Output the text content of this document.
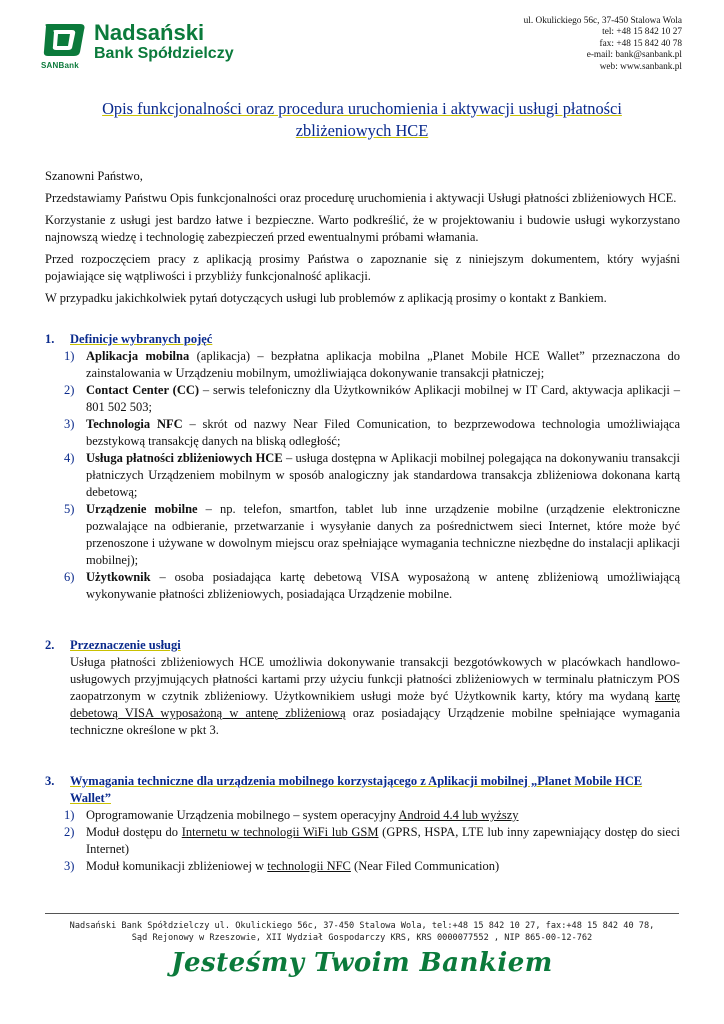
SANBank
Nadsański
Bank Spółdzielczy
ul. Okulickiego 56c, 37-450 Stalowa Wola
tel: +48 15 842 10 27
fax: +48 15 842 40 78
e-mail: bank@sanbank.pl
web: www.sanbank.pl
Opis funkcjonalności oraz procedura uruchomienia i aktywacji usługi płatności zbliżeniowych HCE

Szanowni Państwo,

Przedstawiamy Państwu Opis funkcjonalności oraz procedurę uruchomienia i aktywacji Usługi płatności zbliżeniowych HCE.

Korzystanie z usługi jest bardzo łatwe i bezpieczne. Warto podkreślić, że w projektowaniu i budowie usługi wykorzystano najnowszą wiedzę i technologię zabezpieczeń przed ewentualnymi próbami włamania.

Przed rozpoczęciem pracy z aplikacją prosimy Państwa o zapoznanie się z niniejszym dokumentem, który wyjaśni pojawiające się wątpliwości i przybliży funkcjonalność aplikacji.

W przypadku jakichkolwiek pytań dotyczących usługi lub problemów z aplikacją prosimy o kontakt z Bankiem.

1. Definicje wybranych pojęć
1) Aplikacja mobilna (aplikacja) – bezpłatna aplikacja mobilna „Planet Mobile HCE Wallet” przeznaczona do zainstalowania w Urządzeniu mobilnym, umożliwiająca dokonywanie transakcji płatniczej;
2) Contact Center (CC) – serwis telefoniczny dla Użytkowników Aplikacji mobilnej w IT Card, aktywacja aplikacji – 801 502 503;
3) Technologia NFC – skrót od nazwy Near Filed Comunication, to bezprzewodowa technologia umożliwiająca bezstykową transakcję danych na bliską odległość;
4) Usługa płatności zbliżeniowych HCE – usługa dostępna w Aplikacji mobilnej polegająca na dokonywaniu transakcji płatniczych Urządzeniem mobilnym w sposób analogiczny jak standardowa transakcja zbliżeniowa dokonana kartą debetową;
5) Urządzenie mobilne – np. telefon, smartfon, tablet lub inne urządzenie mobilne (urządzenie elektroniczne pozwalające na odbieranie, przetwarzanie i wysyłanie danych za pośrednictwem sieci Internet, które może być przenoszone i używane w dowolnym miejscu oraz spełniające wymagania techniczne niezbędne do instalacji aplikacji mobilnej);
6) Użytkownik – osoba posiadająca kartę debetową VISA wyposażoną w antenę zbliżeniową umożliwiającą wykonywanie płatności zbliżeniowych, posiadająca Urządzenie mobilne.
2. Przeznaczenie usługi
Usługa płatności zbliżeniowych HCE umożliwia dokonywanie transakcji bezgotówkowych w placówkach handlowo-usługowych przyjmujących płatności kartami przy użyciu funkcji płatności zbliżeniowych w terminalu płatniczym POS zaopatrzonym w czytnik zbliżeniowy. Użytkownikiem usługi może być Użytkownik karty, który ma wydaną kartę debetową VISA wyposażoną w antenę zbliżeniową oraz posiadający Urządzenie mobilne spełniające wymagania techniczne określone w pkt 3.
3. Wymagania techniczne dla urządzenia mobilnego korzystającego z Aplikacji mobilnej „Planet Mobile HCE Wallet”
1) Oprogramowanie Urządzenia mobilnego – system operacyjny Android 4.4 lub wyższy
2) Moduł dostępu do Internetu w technologii WiFi lub GSM (GPRS, HSPA, LTE lub inny zapewniający dostęp do sieci Internet)
3) Moduł komunikacji zbliżeniowej w technologii NFC (Near Filed Communication)
Nadsański Bank Spółdzielczy ul. Okulickiego 56c, 37-450 Stalowa Wola, tel:+48 15 842 10 27, fax:+48 15 842 40 78,
Sąd Rejonowy w Rzeszowie, XII Wydział Gospodarczy KRS, KRS 0000077552 , NIP 865-00-12-762
Jesteśmy Twoim Bankiem
